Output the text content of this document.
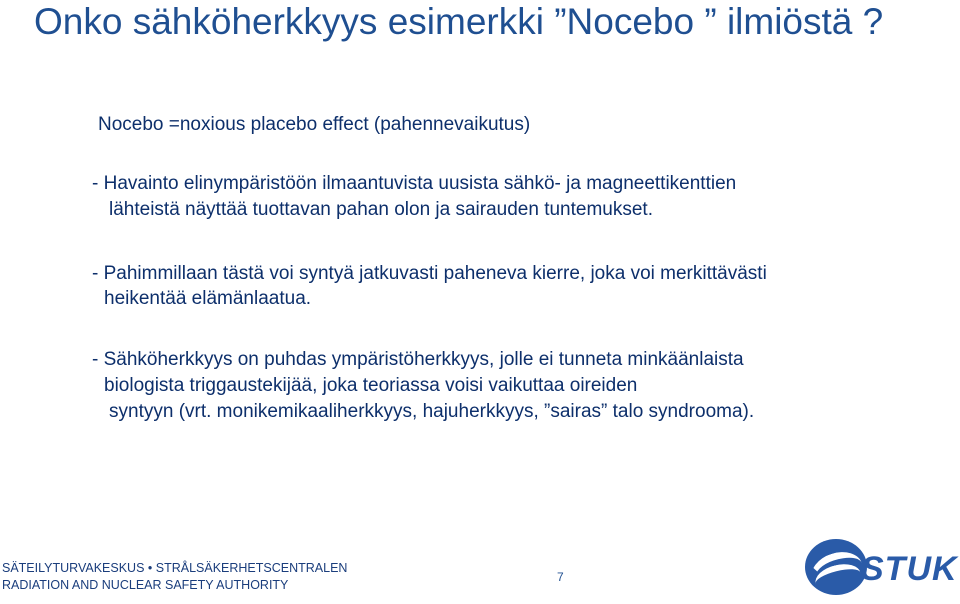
Onko sähköherkkyys esimerkki ”Nocebo ” ilmiöstä ?
Nocebo =noxious placebo effect (pahennevaikutus)
- Havainto elinympäristöön ilmaantuvista uusista sähkö- ja magneettikenttien
lähteistä näyttää tuottavan pahan olon ja sairauden tuntemukset.
- Pahimmillaan tästä voi syntyä jatkuvasti paheneva kierre, joka voi merkittävästi
heikentää elämänlaatua.
- Sähköherkkyys on puhdas ympäristöherkkyys, jolle ei tunneta minkäänlaista
biologista triggaustekijää, joka teoriassa voisi vaikuttaa oireiden
syntyyn (vrt. monikemikaaliherkkyys, hajuherkkyys, ”sairas” talo syndrooma).
SÄTEILYTURVAKESKUS • STRÅLSÄKERHETSCENTRALEN
RADIATION AND NUCLEAR SAFETY AUTHORITY
7	STUK
